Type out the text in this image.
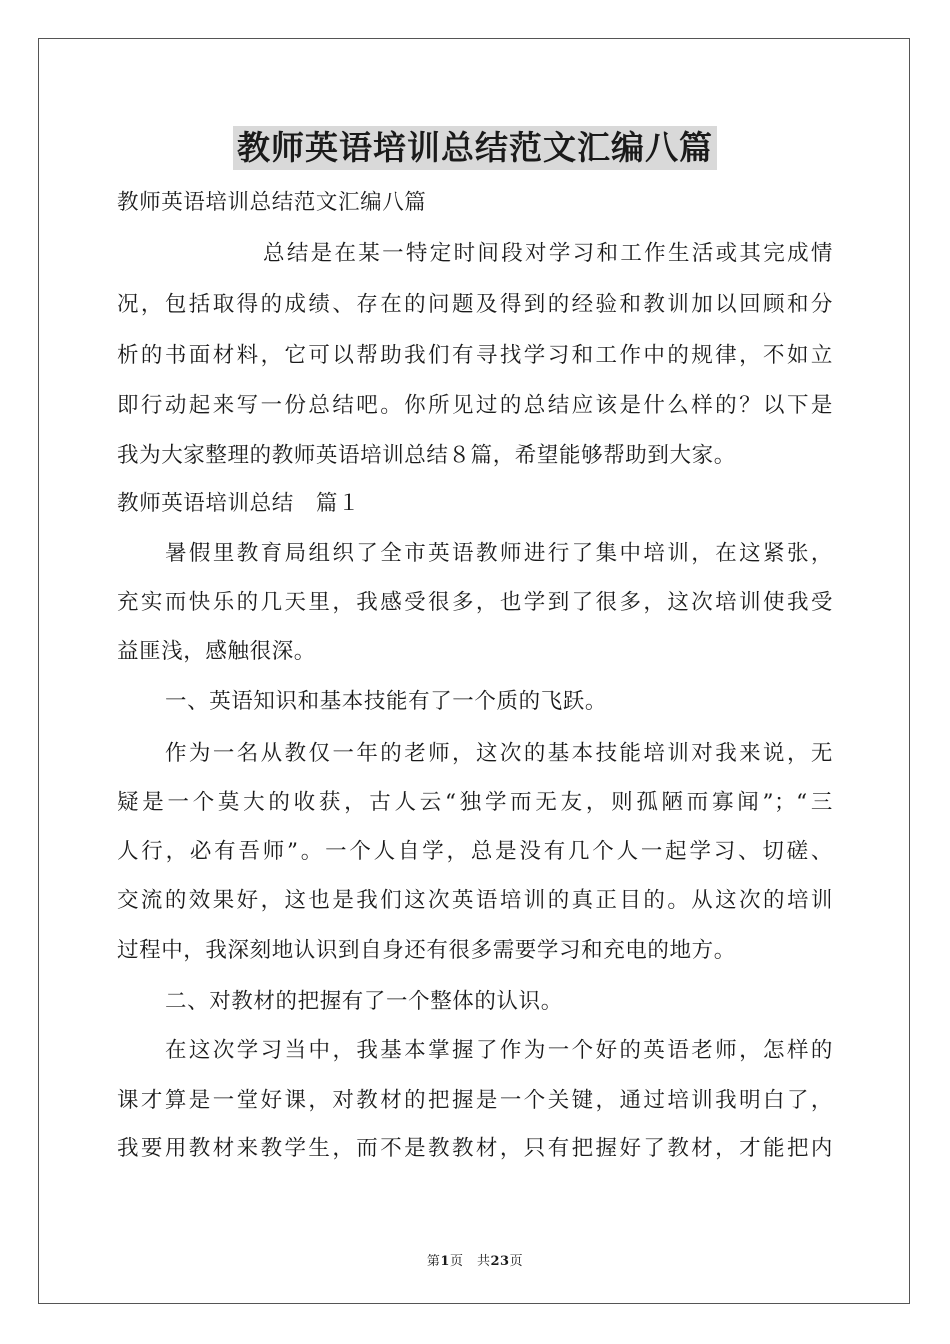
教师英语培训总结范文汇编八篇
教师英语培训总结范文汇编八篇
总结是在某一特定时间段对学习和工作生活或其完成情
况，包括取得的成绩、存在的问题及得到的经验和教训加以回顾和分
析的书面材料，它可以帮助我们有寻找学习和工作中的规律，不如立
即行动起来写一份总结吧。你所见过的总结应该是什么样的？以下是
我为大家整理的教师英语培训总结８篇，希望能够帮助到大家。
教师英语培训总结　篇１
暑假里教育局组织了全市英语教师进行了集中培训，在这紧张，
充实而快乐的几天里，我感受很多，也学到了很多，这次培训使我受
益匪浅，感触很深。
一、英语知识和基本技能有了一个质的飞跃。
作为一名从教仅一年的老师，这次的基本技能培训对我来说，无
疑是一个莫大的收获，古人云“独学而无友，则孤陋而寡闻”；“三
人行，必有吾师”。一个人自学，总是没有几个人一起学习、切磋、
交流的效果好，这也是我们这次英语培训的真正目的。从这次的培训
过程中，我深刻地认识到自身还有很多需要学习和充电的地方。
二、对教材的把握有了一个整体的认识。
在这次学习当中，我基本掌握了作为一个好的英语老师，怎样的
课才算是一堂好课，对教材的把握是一个关键，通过培训我明白了，
我要用教材来教学生，而不是教教材，只有把握好了教材，才能把内
第1页　共23页
